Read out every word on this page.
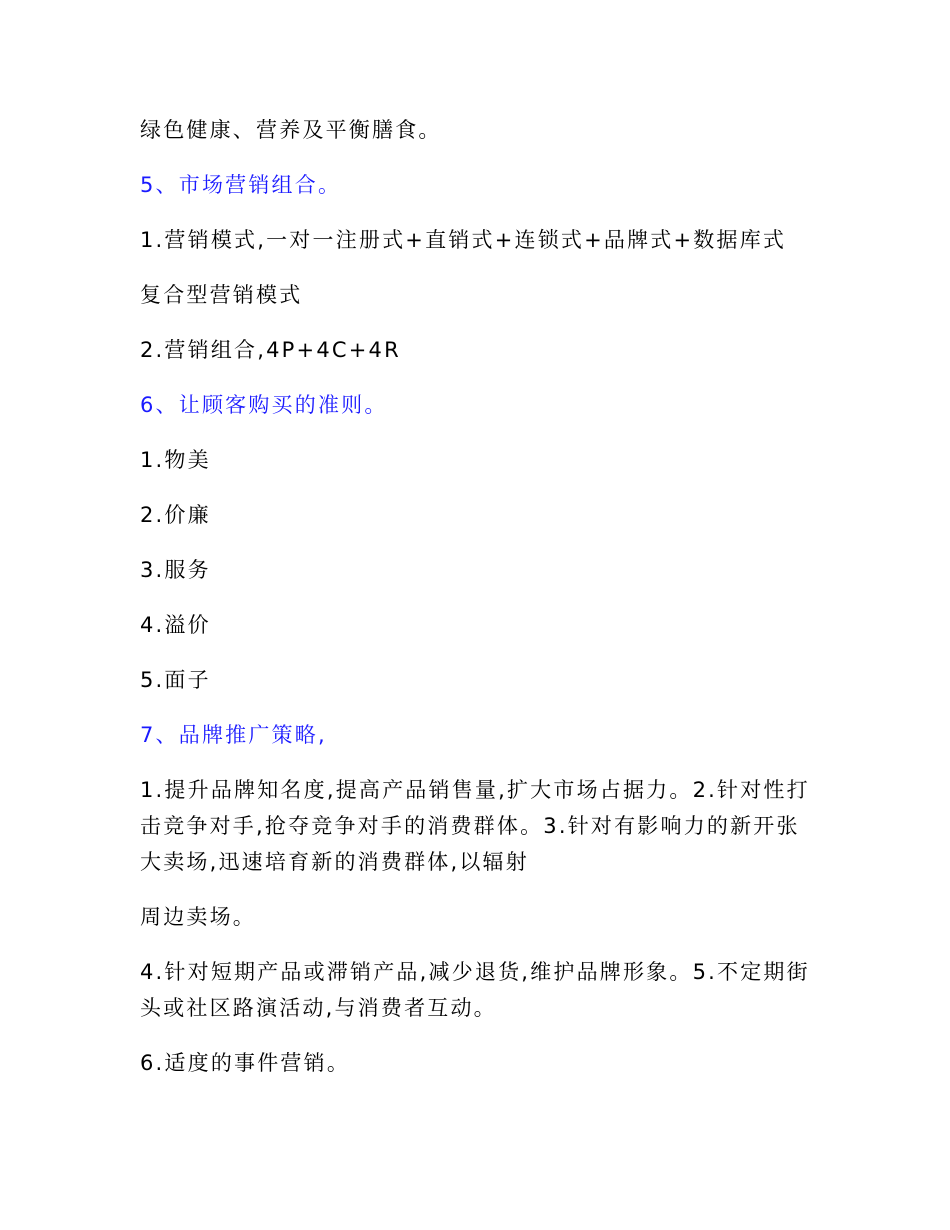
绿色健康、营养及平衡膳食。

5、市场营销组合。

1.营销模式,一对一注册式+直销式+连锁式+品牌式+数据库式

复合型营销模式

2.营销组合,4P+4C+4R

6、让顾客购买的准则。

1.物美

2.价廉

3.服务

4.溢价

5.面子

7、品牌推广策略,

1.提升品牌知名度,提高产品销售量,扩大市场占据力。2.针对性打击竞争对手,抢夺竞争对手的消费群体。3.针对有影响力的新开张大卖场,迅速培育新的消费群体,以辐射

周边卖场。

4.针对短期产品或滞销产品,减少退货,维护品牌形象。5.不定期街头或社区路演活动,与消费者互动。

6.适度的事件营销。
